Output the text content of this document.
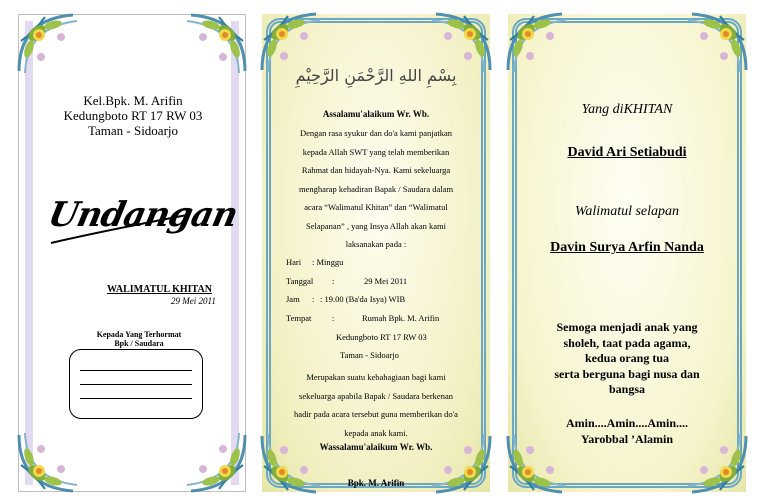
Kel.Bpk. M. Arifin
Kedungboto RT 17 RW 03
Taman - Sidoarjo
Undangan
WALIMATUL KHITAN
29 Mei 2011
Kepada Yang Terhormat
Bpk / Saudara
بِسْمِ اللهِ الرَّحْمَنِ الرَّحِيْمِ
Assalamu'alaikum Wr. Wb.
Dengan rasa syukur dan do'a kami panjatkan
kepada Allah SWT yang telah memberikan
Rahmat dan hidayah-Nya. Kami sekeluarga
mengharap kehadiran Bapak / Saudara dalam
acara “Walimatul Khitan” dan “Walimatul
Selapanan” , yang Insya Allah akan kami
laksanakan pada :
Hari : Minggu
Tanggal :	29 Mei 2011
Jam : : 19.00 (Ba'da Isya) WIB
Tempat :	Rumah Bpk. M. Arifin
Kedungboto RT 17 RW 03
Taman - Sidoarjo
Merupakan suatu kebahagiaan bagi kami
sekeluarga apabila Bapak / Saudara berkenan
hadir pada acara tersebut guna memberikan do'a
kepada anak kami.
Wassalamu'alaikum Wr. Wb.
Bpk. M. Arifin
Yang diKHITAN
David Ari Setiabudi
Walimatul selapan
Davin Surya Arfin Nanda
Semoga menjadi anak yang
sholeh, taat pada agama,
kedua orang tua
serta berguna bagi nusa dan
bangsa
Amin....Amin....Amin....
Yarobbal ’Alamin
